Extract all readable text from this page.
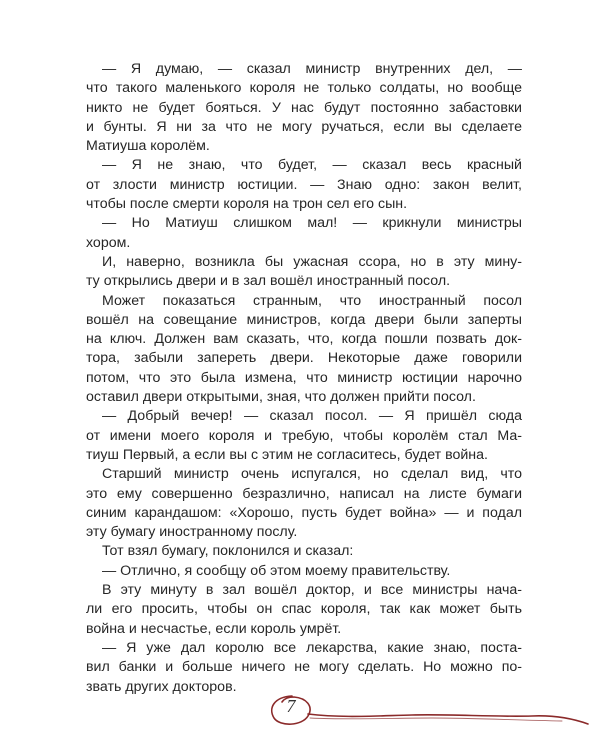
— Я думаю, — сказал министр внутренних дел, —
что такого маленького короля не только солдаты, но вообще
никто не будет бояться. У нас будут постоянно забастовки
и бунты. Я ни за что не могу ручаться, если вы сделаете
Матиуша королём.
— Я не знаю, что будет, — сказал весь красный
от злости министр юстиции. — Знаю одно: закон велит,
чтобы после смерти короля на трон сел его сын.
— Но Матиуш слишком мал! — крикнули министры
хором.
И, наверно, возникла бы ужасная ссора, но в эту мину-
ту открылись двери и в зал вошёл иностранный посол.
Может показаться странным, что иностранный посол
вошёл на совещание министров, когда двери были заперты
на ключ. Должен вам сказать, что, когда пошли позвать док-
тора, забыли запереть двери. Некоторые даже говорили
потом, что это была измена, что министр юстиции нарочно
оставил двери открытыми, зная, что должен прийти посол.
— Добрый вечер! — сказал посол. — Я пришёл сюда
от имени моего короля и требую, чтобы королём стал Ма-
тиуш Первый, а если вы с этим не согласитесь, будет война.
Старший министр очень испугался, но сделал вид, что
это ему совершенно безразлично, написал на листе бумаги
синим карандашом: «Хорошо, пусть будет война» — и подал
эту бумагу иностранному послу.
Тот взял бумагу, поклонился и сказал:
— Отлично, я сообщу об этом моему правительству.
В эту минуту в зал вошёл доктор, и все министры нача-
ли его просить, чтобы он спас короля, так как может быть
война и несчастье, если король умрёт.
— Я уже дал королю все лекарства, какие знаю, поста-
вил банки и больше ничего не могу сделать. Но можно по-
звать других докторов.
7
